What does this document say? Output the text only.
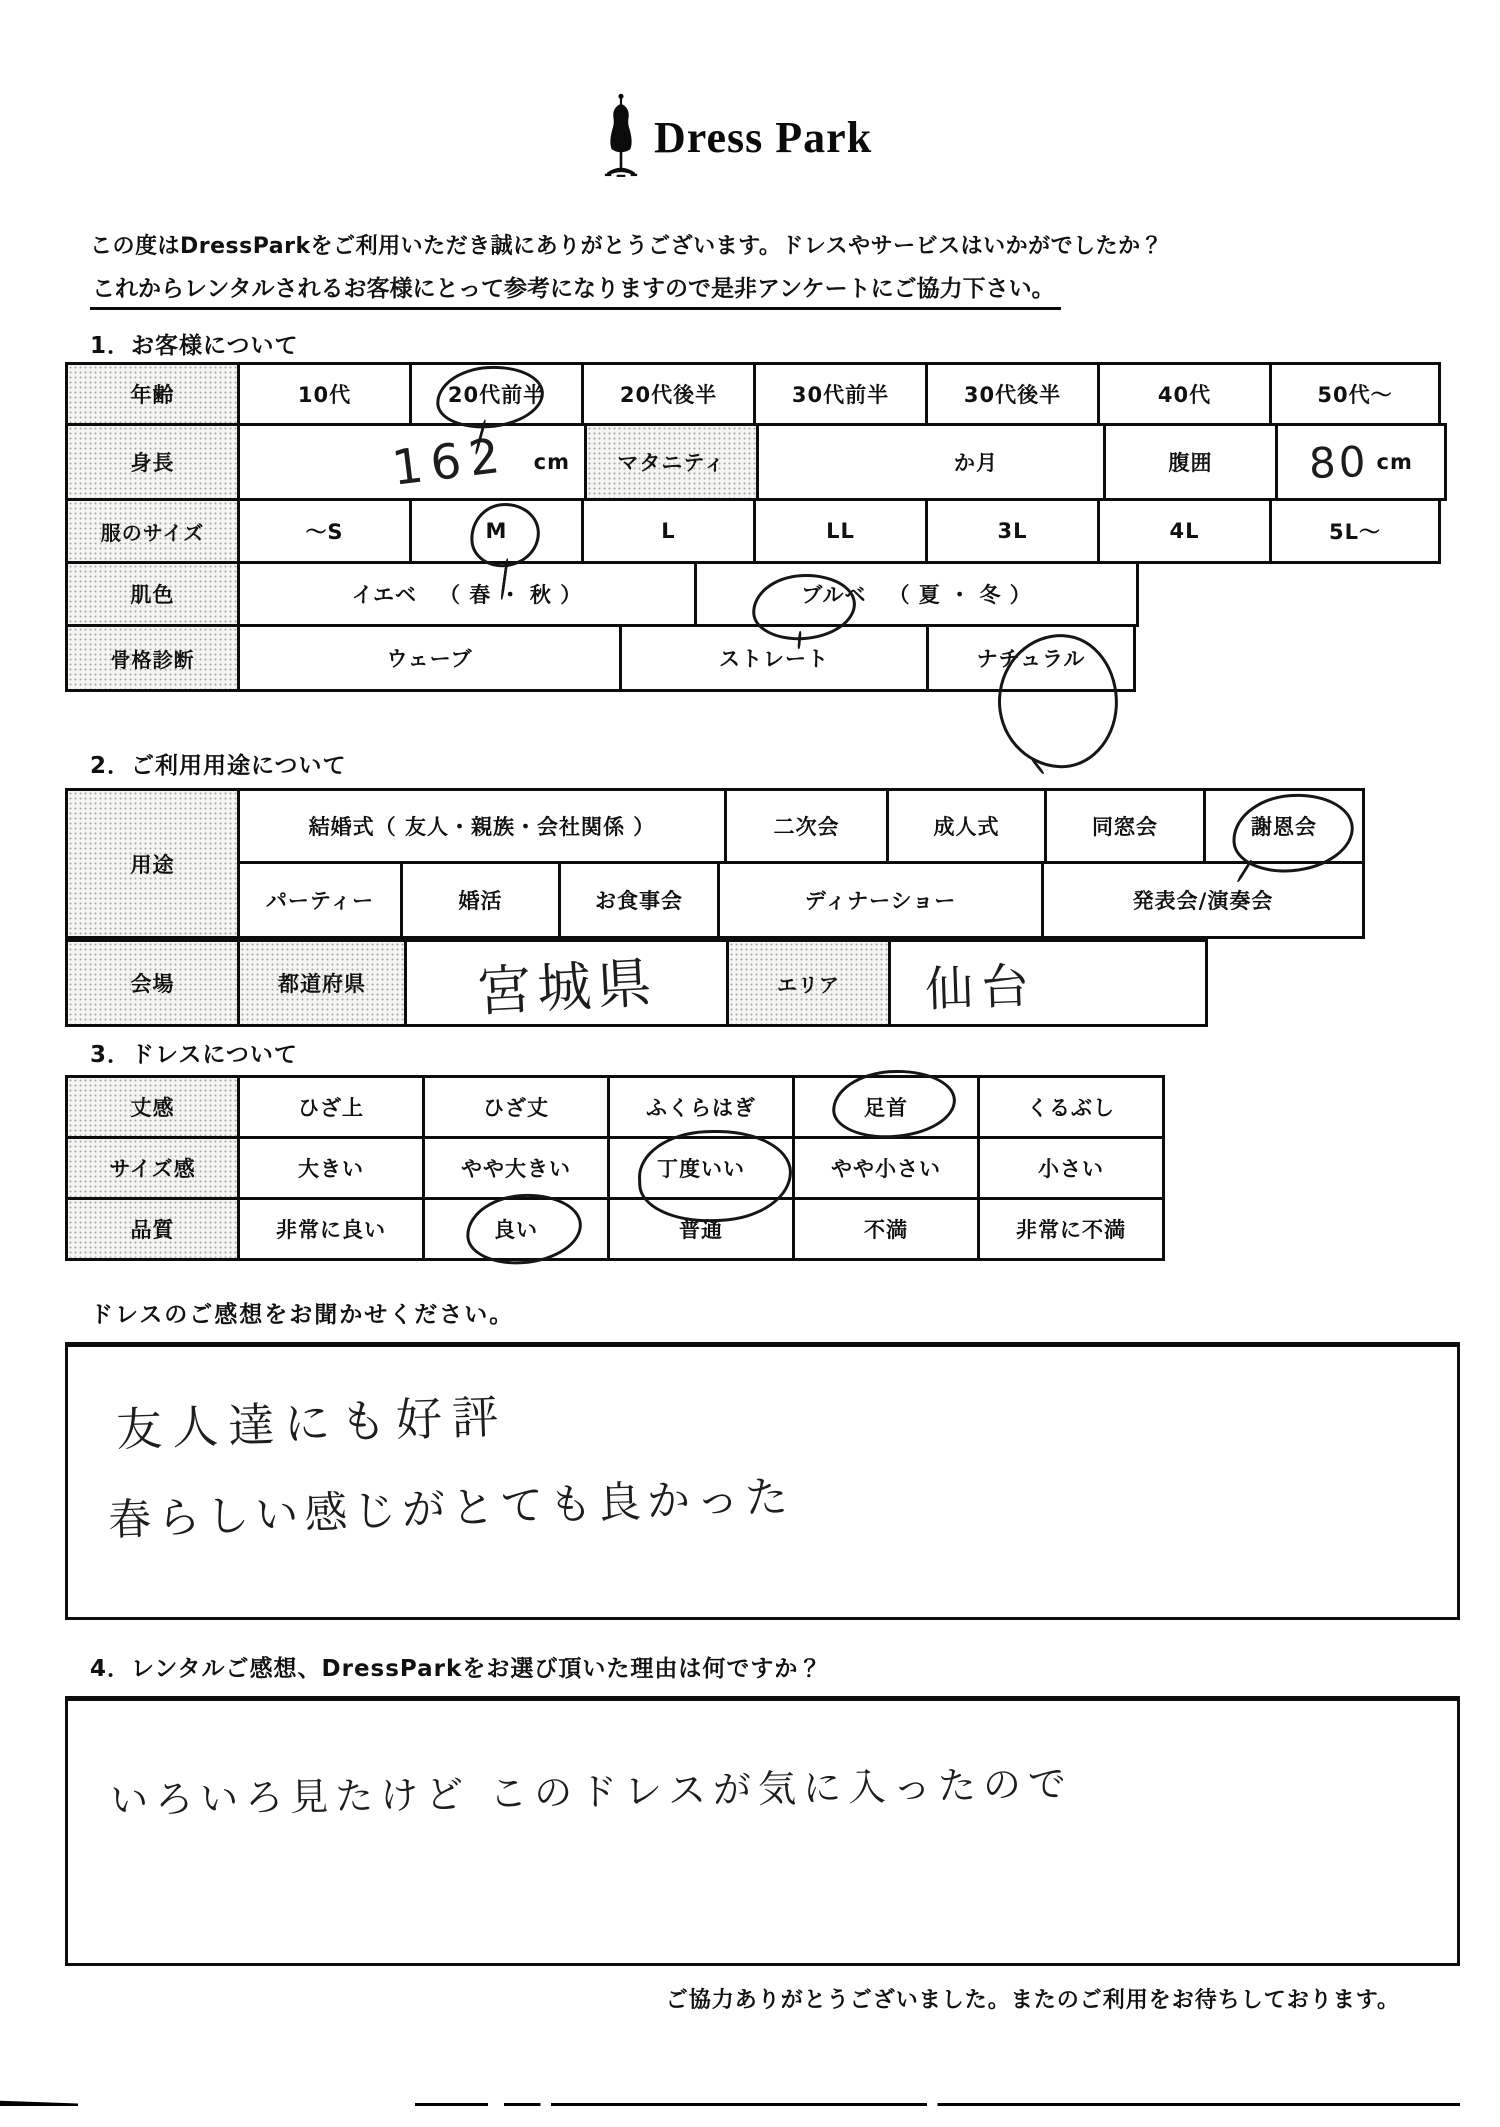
Dress Park
この度はDressParkをご利用いただき誠にありがとうございます。ドレスやサービスはいかがでしたか？
これからレンタルされるお客様にとって参考になりますので是非アンケートにご協力下さい。
1．お客様について
年齢	10代	20代前半	20代後半	30代前半	30代後半	40代	50代～
身長	162 cm	マタニティ	か月	腹囲	80 cm
服のサイズ	～S	M	L	LL	3L	4L	5L～
肌色	イエベ （ 春 ・ 秋 ）	ブルベ （ 夏 ・ 冬 ）
骨格診断	ウェーブ	ストレート	ナチュラル
2．ご利用用途について
用途
結婚式（ 友人・親族・会社関係 ）	二次会	成人式	同窓会	謝恩会
パーティー	婚活	お食事会	ディナーショー	発表会/演奏会
会場	都道府県	宮城県	エリア	仙台
3．ドレスについて
丈感	ひざ上	ひざ丈	ふくらはぎ	足首	くるぶし
サイズ感	大きい	やや大きい	丁度いい	やや小さい	小さい
品質	非常に良い	良い	普通	不満	非常に不満
ドレスのご感想をお聞かせください。
友人達にも好評
春らしい感じがとても良かった
4．レンタルご感想、DressParkをお選び頂いた理由は何ですか？
いろいろ見たけど このドレスが気に入ったので
ご協力ありがとうございました。またのご利用をお待ちしております。
